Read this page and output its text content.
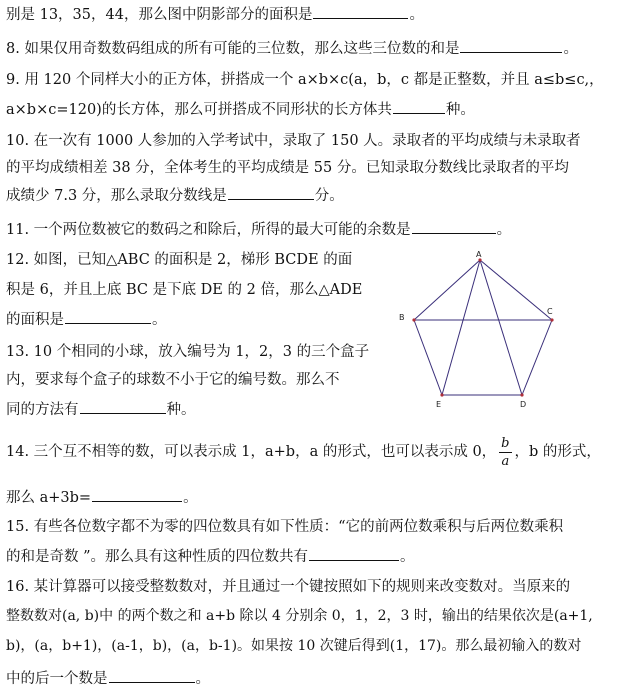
别是 13，35，44，那么图中阴影部分的面积是	。
8. 如果仅用奇数数码组成的所有可能的三位数，那么这些三位数的和是	。
9. 用 120 个同样大小的正方体，拼搭成一个 a×b×c(a，b，c 都是正整数，并且 a≤b≤c,，
a×b×c=120)的长方体，那么可拼搭成不同形状的长方体共	种。
10. 在一次有 1000 人参加的入学考试中，录取了 150 人。录取者的平均成绩与未录取者
的平均成绩相差 38 分，全体考生的平均成绩是 55 分。已知录取分数线比录取者的平均
成绩少 7.3 分，那么录取分数线是	分。
11. 一个两位数被它的数码之和除后，所得的最大可能的余数是	。
12. 如图，已知△ABC 的面积是 2，梯形 BCDE 的面
积是 6，并且上底 BC 是下底 DE 的 2 倍，那么△ADE
的面积是	。
13. 10 个相同的小球，放入编号为 1，2，3 的三个盒子
内，要求每个盒子的球数不小于它的编号数。那么不
同的方法有	种。
A
B
C
E	D
14. 三个互不相等的数，可以表示成 1，a+b，a 的形式，也可以表示成 0， $\frac{b}{a}$ ，b 的形式，
那么 a+3b=	。
15. 有些各位数字都不为零的四位数具有如下性质：“它的前两位数乘积与后两位数乘积
的和是奇数 ”。那么具有这种性质的四位数共有	。
16. 某计算器可以接受整数数对，并且通过一个键按照如下的规则来改变数对。当原来的
整数数对(a, b)中 的两个数之和 a+b 除以 4 分别余 0，1，2，3 时，输出的结果依次是(a+1,
b)，(a，b+1)，(a-1，b)，(a，b-1)。如果按 10 次键后得到(1，17)。那么最初输入的数对
中的后一个数是	。
